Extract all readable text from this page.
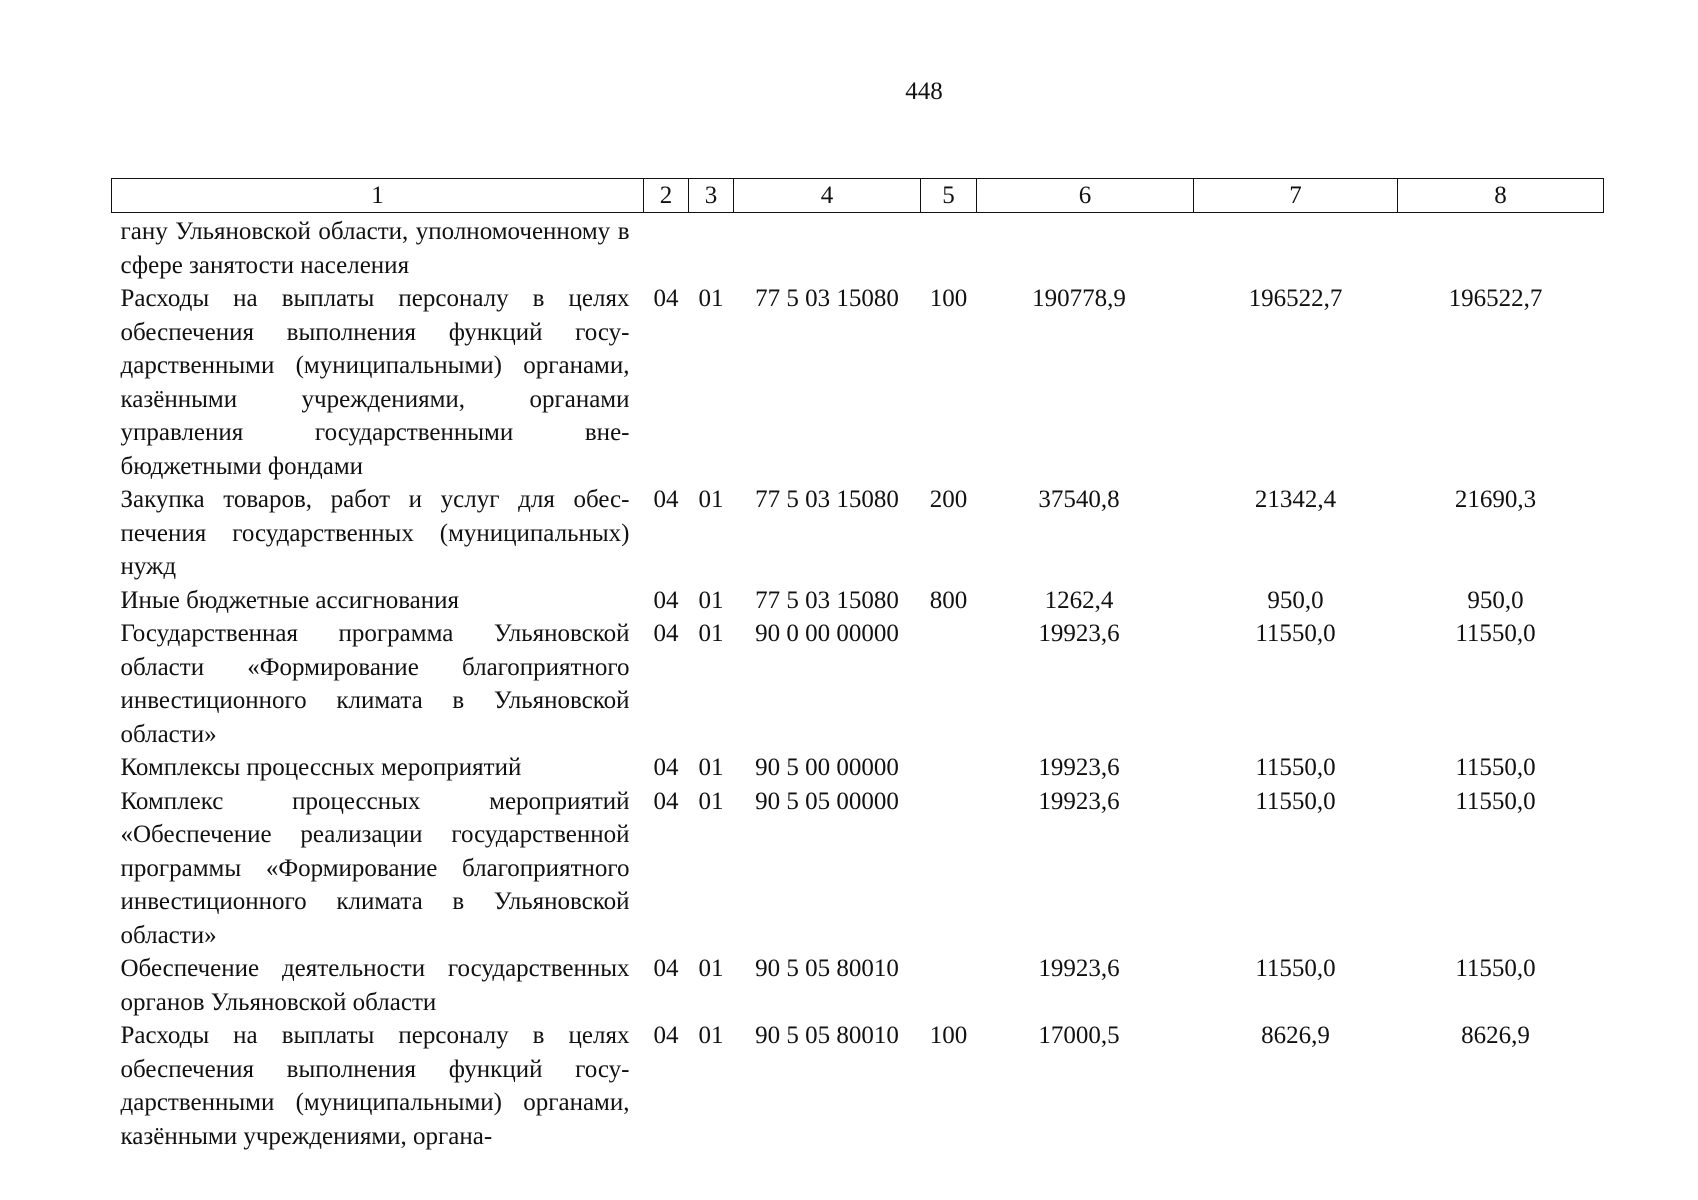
448
1	2	3	4	5	6	7	8
гану Ульяновской области, уполномоченному в сфере занятости населения							
Расходы на выплаты персоналу в целях обеспечения выполнения функций государственными (муниципальными) органами, казёнными учреждениями, органами управления государственными внебюджетными фондами	04	01	77 5 03 15080	100	190778,9	196522,7	196522,7
Закупка товаров, работ и услуг для обеспечения государственных (муниципальных) нужд	04	01	77 5 03 15080	200	37540,8	21342,4	21690,3
Иные бюджетные ассигнования	04	01	77 5 03 15080	800	1262,4	950,0	950,0
Государственная программа Ульяновской области «Формирование благоприятного инвестиционного климата в Ульяновской области»	04	01	90 0 00 00000		19923,6	11550,0	11550,0
Комплексы процессных мероприятий	04	01	90 5 00 00000		19923,6	11550,0	11550,0
Комплекс процессных мероприятий «Обеспечение реализации государственной программы «Формирование благоприятного инвестиционного климата в Ульяновской области»	04	01	90 5 05 00000		19923,6	11550,0	11550,0
Обеспечение деятельности государственных органов Ульяновской области	04	01	90 5 05 80010		19923,6	11550,0	11550,0
Расходы на выплаты персоналу в целях обеспечения выполнения функций государственными (муниципальными) органами, казёнными учреждениями, органа-	04	01	90 5 05 80010	100	17000,5	8626,9	8626,9
